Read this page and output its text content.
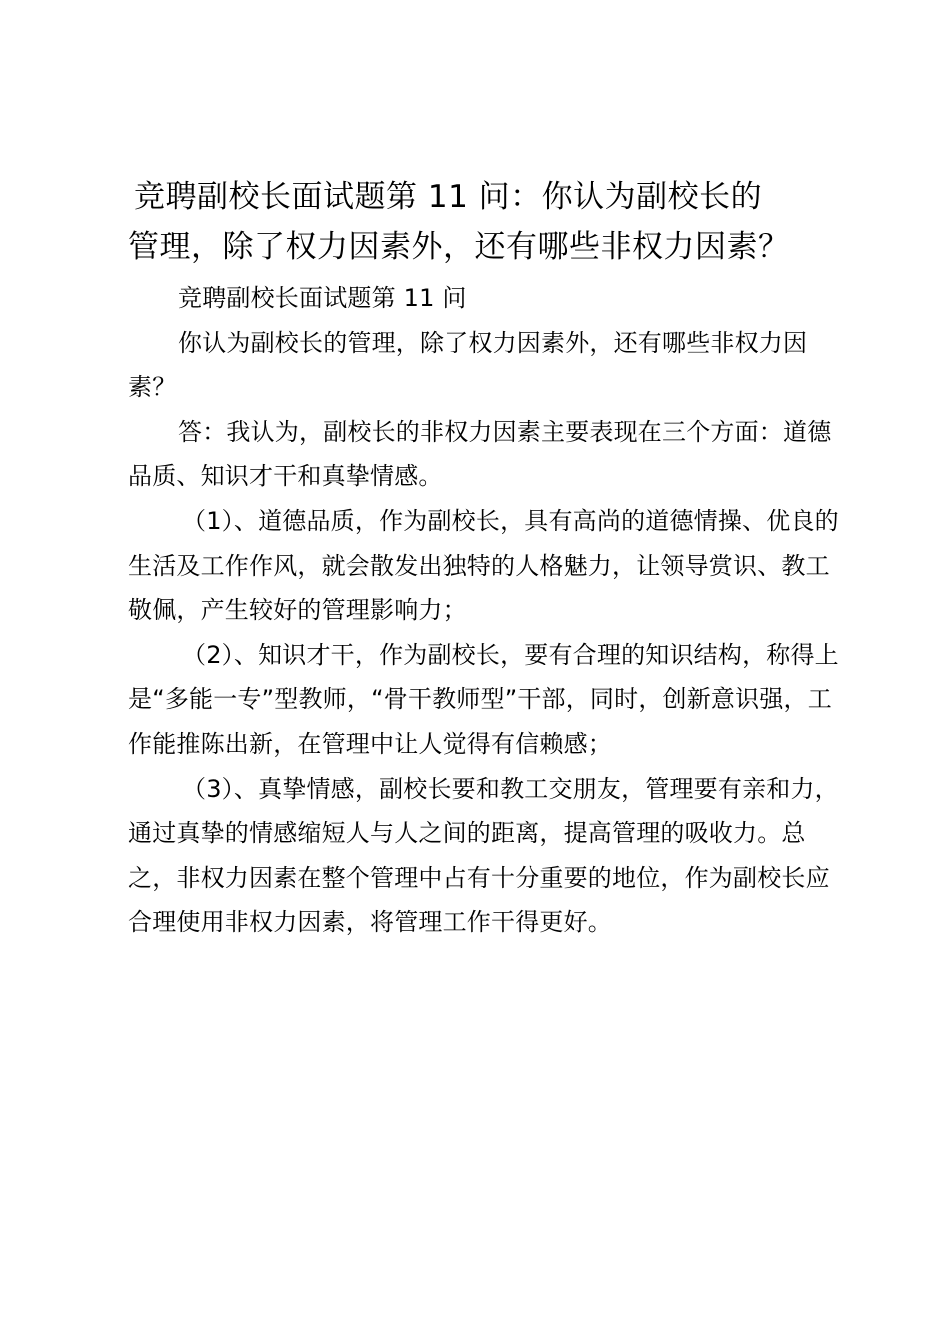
竞聘副校长面试题第 11 问：你认为副校长的
管理，除了权力因素外，还有哪些非权力因素？

竞聘副校长面试题第 11 问

你认为副校长的管理，除了权力因素外，还有哪些非权力因素？

答：我认为，副校长的非权力因素主要表现在三个方面：道德品质、知识才干和真挚情感。

（1）、道德品质，作为副校长，具有高尚的道德情操、优良的生活及工作作风，就会散发出独特的人格魅力，让领导赏识、教工敬佩，产生较好的管理影响力；

（2）、知识才干，作为副校长，要有合理的知识结构，称得上是“多能一专”型教师，“骨干教师型”干部，同时，创新意识强，工作能推陈出新，在管理中让人觉得有信赖感；

（3）、真挚情感，副校长要和教工交朋友，管理要有亲和力，通过真挚的情感缩短人与人之间的距离，提高管理的吸收力。总之，非权力因素在整个管理中占有十分重要的地位，作为副校长应合理使用非权力因素，将管理工作干得更好。
